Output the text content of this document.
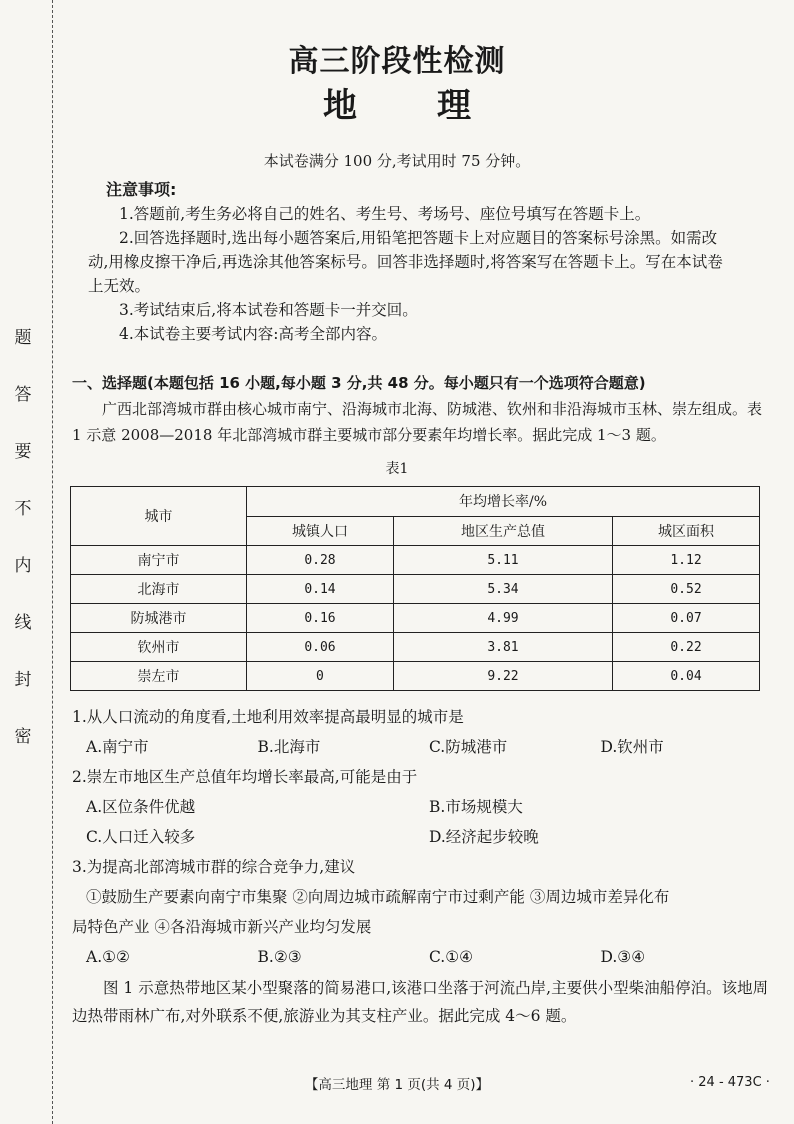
题
答
要
不
内
线
封
密
高三阶段性检测
地理
本试卷满分 100 分,考试用时 75 分钟。
注意事项:

1.答题前,考生务必将自己的姓名、考生号、考场号、座位号填写在答题卡上。

2.回答选择题时,选出每小题答案后,用铅笔把答题卡上对应题目的答案标号涂黑。如需改动,用橡皮擦干净后,再选涂其他答案标号。回答非选择题时,将答案写在答题卡上。写在本试卷上无效。

3.考试结束后,将本试卷和答题卡一并交回。

4.本试卷主要考试内容:高考全部内容。

一、选择题(本题包括 16 小题,每小题 3 分,共 48 分。每小题只有一个选项符合题意)

广西北部湾城市群由核心城市南宁、沿海城市北海、防城港、钦州和非沿海城市玉林、崇左组成。表 1 示意 2008—2018 年北部湾城市群主要城市部分要素年均增长率。据此完成 1～3 题。

表1
城市	年均增长率/%		
	城镇人口	地区生产总值	城区面积
南宁市	0.28	5.11	1.12
北海市	0.14	5.34	0.52
防城港市	0.16	4.99	0.07
钦州市	0.06	3.81	0.22
崇左市	0	9.22	0.04
1.从人口流动的角度看,土地利用效率提高最明显的城市是
A.南宁市	B.北海市	C.防城港市	D.钦州市
2.崇左市地区生产总值年均增长率最高,可能是由于
A.区位条件优越	B.市场规模大
C.人口迁入较多	D.经济起步较晚
3.为提高北部湾城市群的综合竞争力,建议
①鼓励生产要素向南宁市集聚 ②向周边城市疏解南宁市过剩产能 ③周边城市差异化布
局特色产业 ④各沿海城市新兴产业均匀发展
A.①②	B.②③	C.①④	D.③④

图 1 示意热带地区某小型聚落的简易港口,该港口坐落于河流凸岸,主要供小型柴油船停泊。该地周边热带雨林广布,对外联系不便,旅游业为其支柱产业。据此完成 4～6 题。

【高三地理 第 1 页(共 4 页)】	· 24 - 473C ·
